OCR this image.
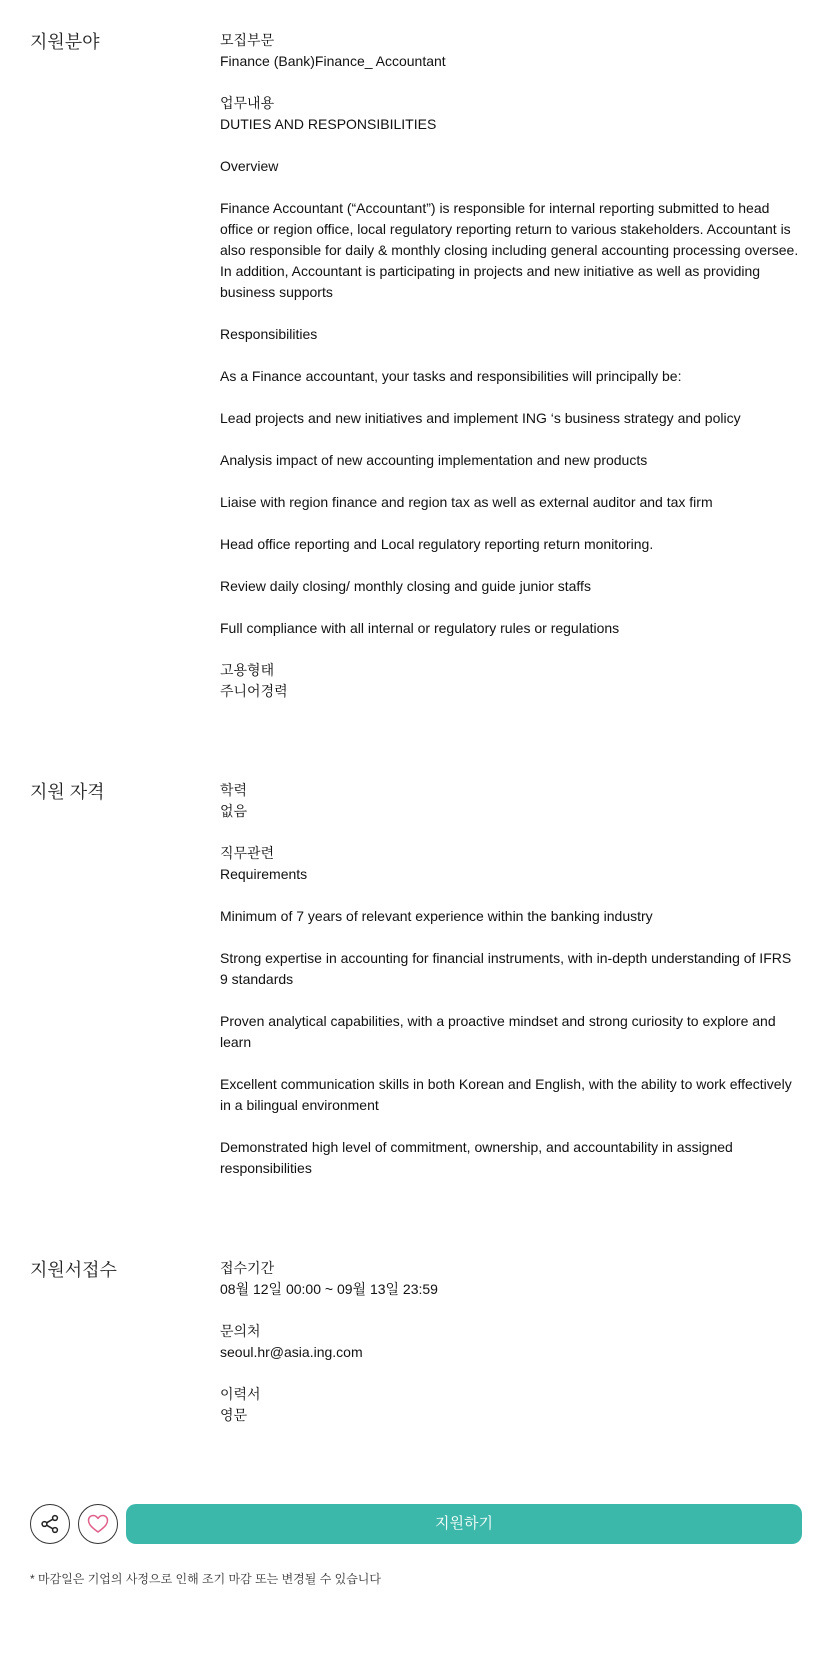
지원분야	모집부문
Finance (Bank)Finance_ Accountant
업무내용
DUTIES AND RESPONSIBILITIES
Overview
Finance Accountant (“Accountant”) is responsible for internal reporting submitted to head office or region office, local regulatory reporting return to various stakeholders. Accountant is also responsible for daily & monthly closing including general accounting processing oversee. In addition, Accountant is participating in projects and new initiative as well as providing business supports
Responsibilities
As a Finance accountant, your tasks and responsibilities will principally be:
Lead projects and new initiatives and implement ING ‘s business strategy and policy
Analysis impact of new accounting implementation and new products
Liaise with region finance and region tax as well as external auditor and tax firm
Head office reporting and Local regulatory reporting return monitoring.
Review daily closing/ monthly closing and guide junior staffs
Full compliance with all internal or regulatory rules or regulations
고용형태
주니어경력
지원 자격	학력
없음
직무관련
Requirements
Minimum of 7 years of relevant experience within the banking industry
Strong expertise in accounting for financial instruments, with in-depth understanding of IFRS 9 standards
Proven analytical capabilities, with a proactive mindset and strong curiosity to explore and learn
Excellent communication skills in both Korean and English, with the ability to work effectively in a bilingual environment
Demonstrated high level of commitment, ownership, and accountability in assigned responsibilities
지원서접수	접수기간
08월 12일 00:00 ~ 09월 13일 23:59
문의처
seoul.hr@asia.ing.com
이력서
영문
지원하기
* 마감일은 기업의 사정으로 인해 조기 마감 또는 변경될 수 있습니다
